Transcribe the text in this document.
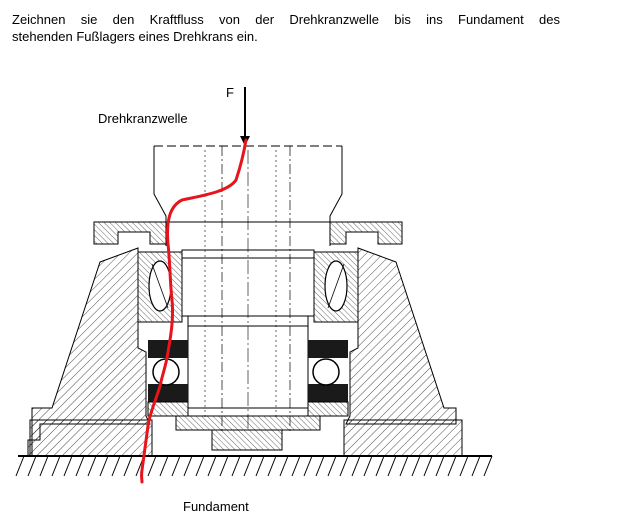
Zeichnen sie den Kraftfluss von der Drehkranzwelle bis ins Fundament des
stehenden Fußlagers eines Drehkrans ein.
Drehkranzwelle
F
Fundament
